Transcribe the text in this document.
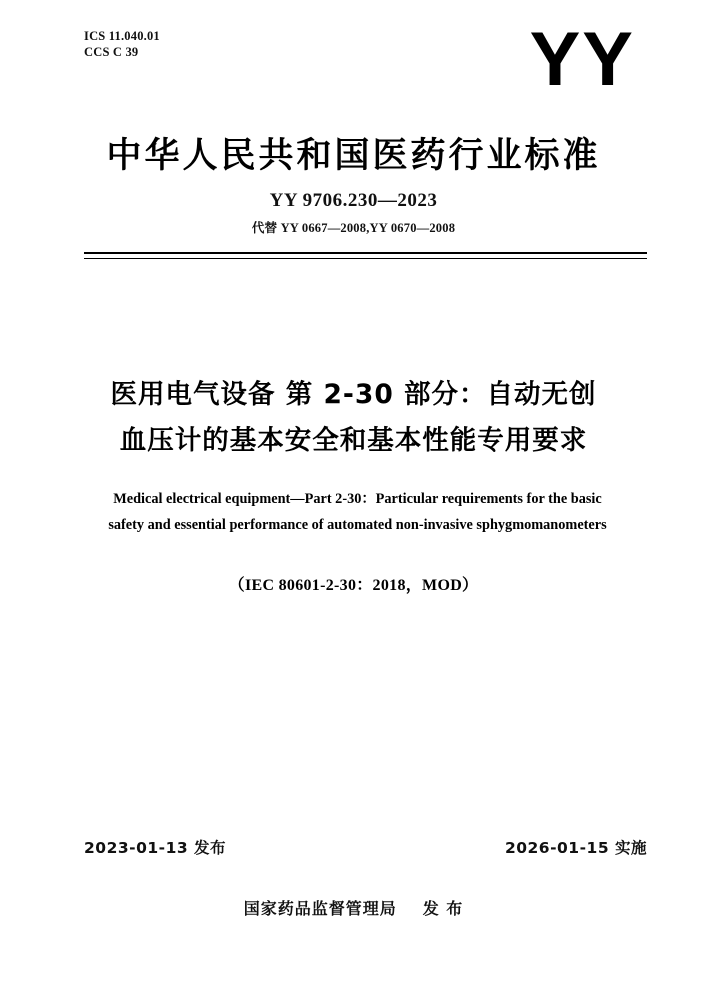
ICS 11.040.01
CCS C 39	YY
中华人民共和国医药行业标准
YY 9706.230—2023
代替 YY 0667—2008,YY 0670—2008
医用电气设备 第 2-30 部分：自动无创
血压计的基本安全和基本性能专用要求
Medical electrical equipment—Part 2-30：Particular requirements for the basic
safety and essential performance of automated non-invasive sphygmomanometers
（IEC 80601-2-30：2018，MOD）
2023-01-13 发布	2026-01-15 实施
国家药品监督管理局 发 布
